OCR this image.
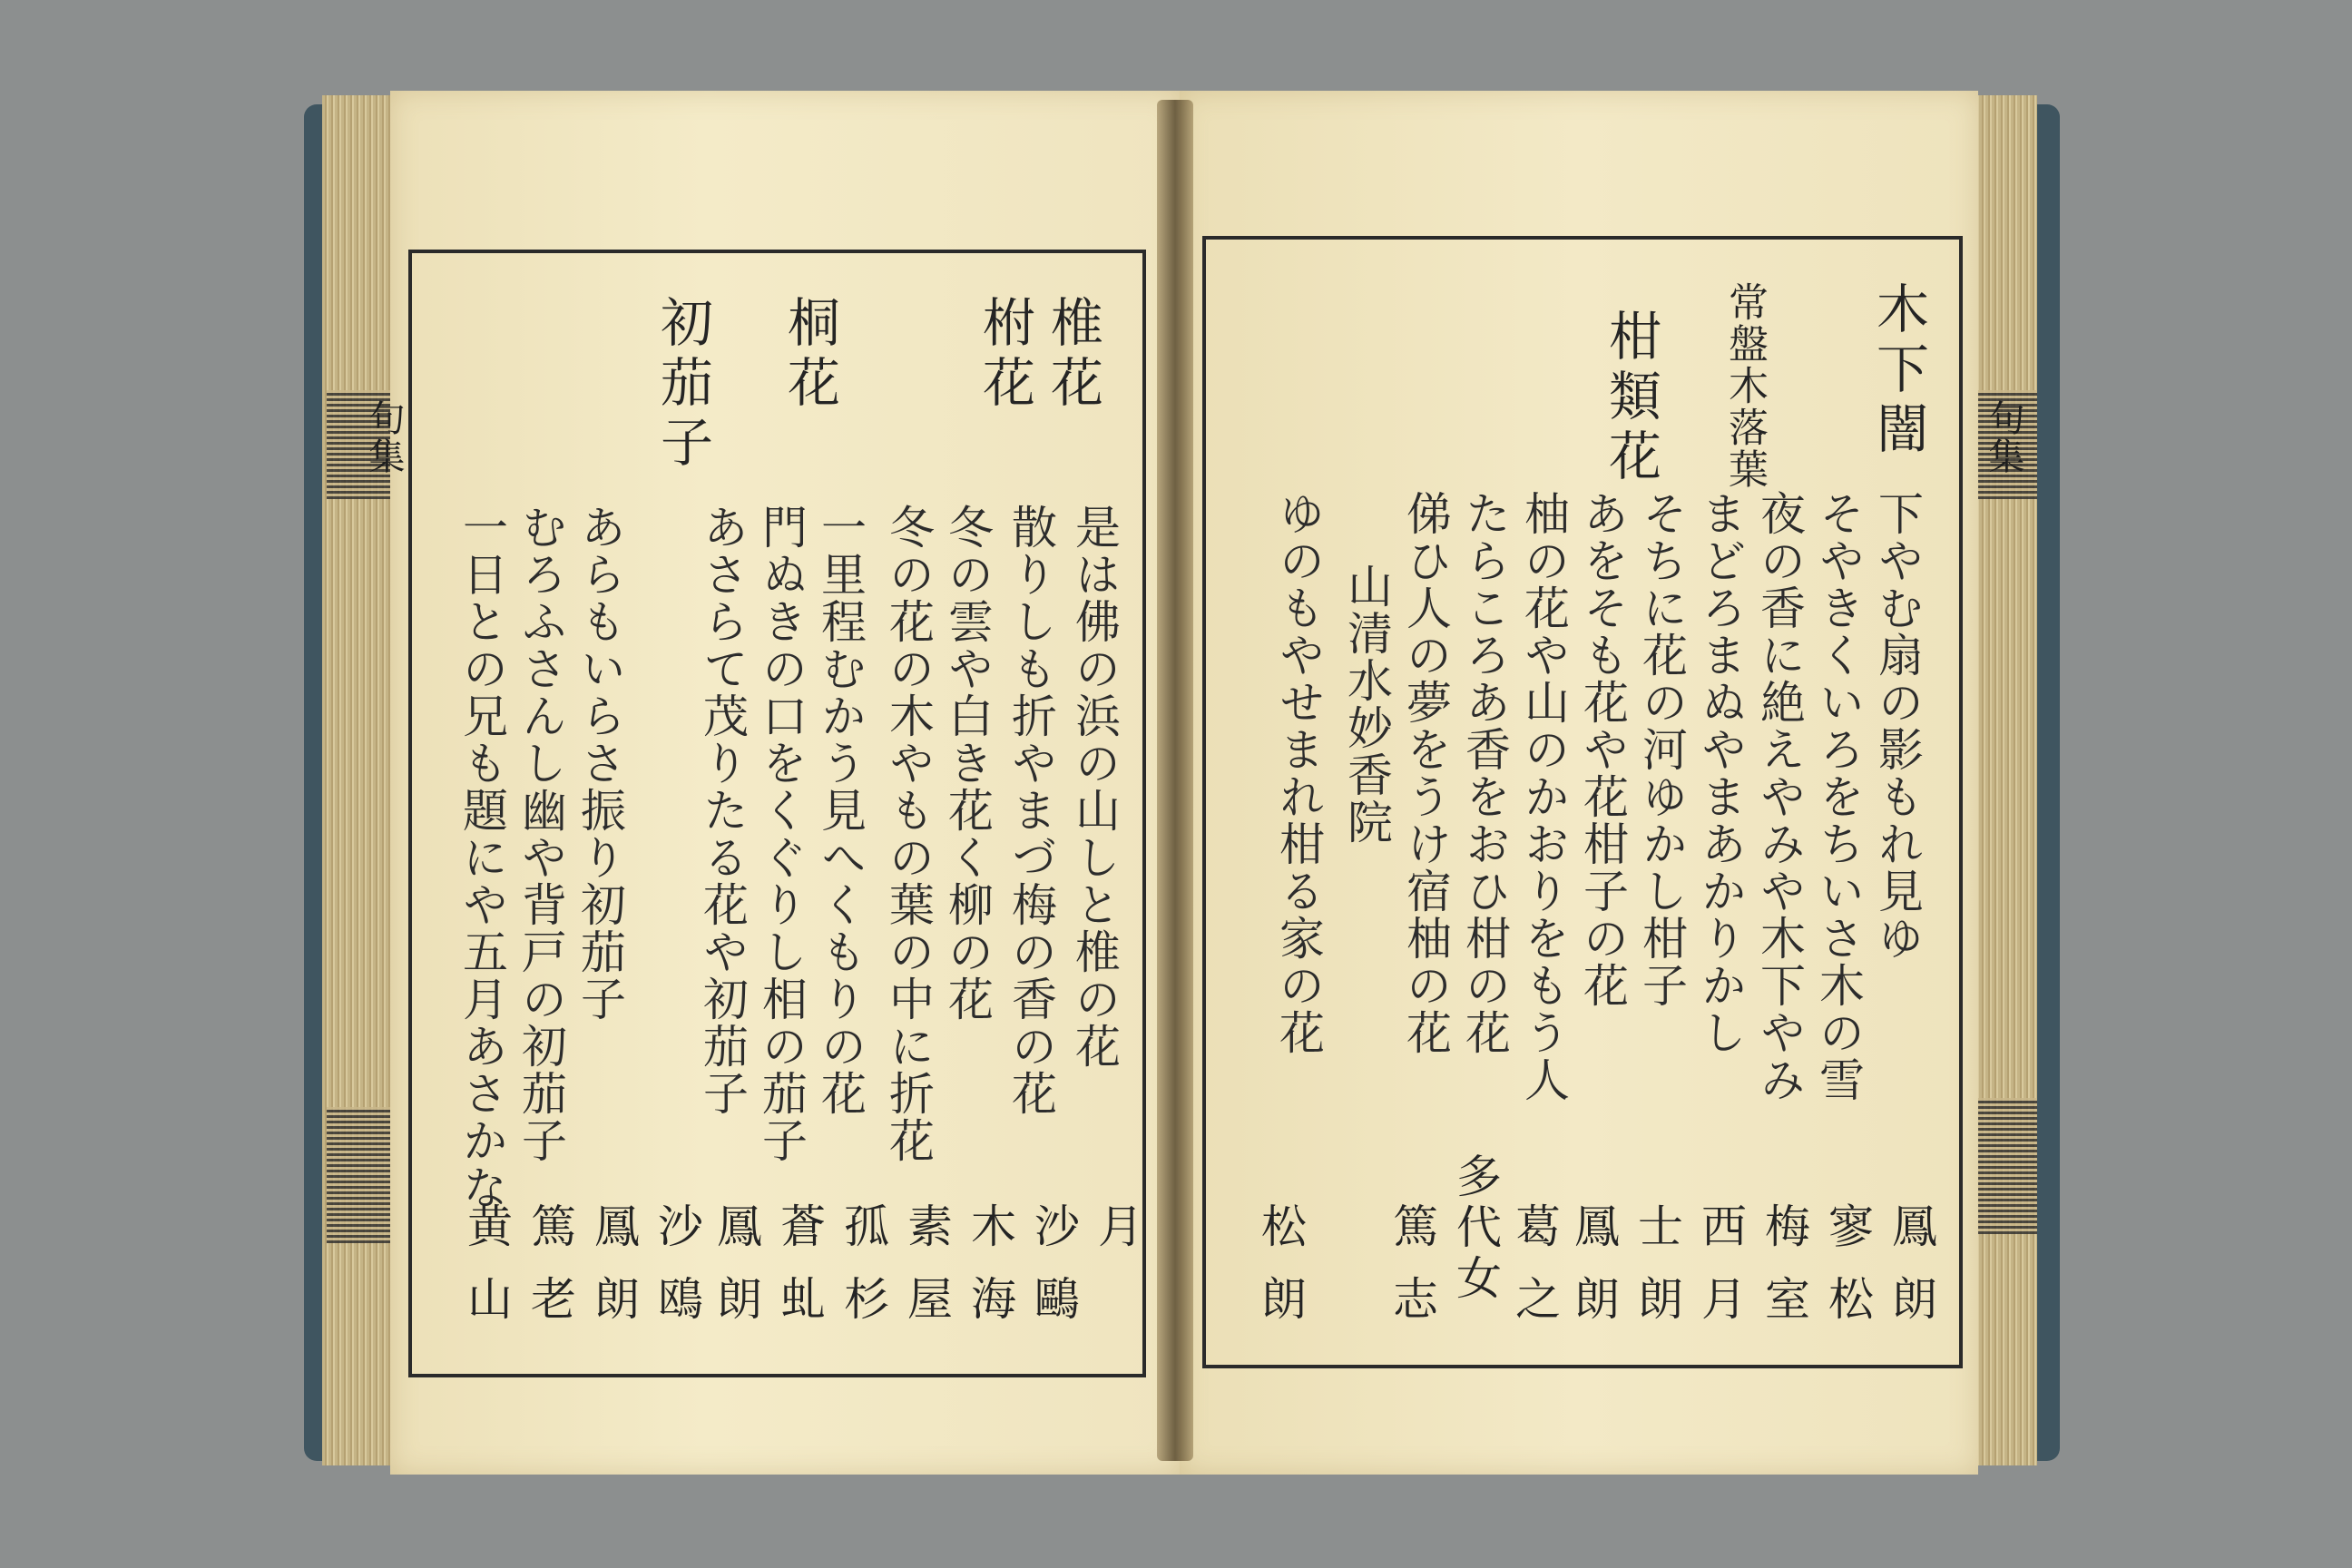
椎花
柎花
桐花
初茄子
是は佛の浜の山しと椎の花
散りしも折やまづ梅の香の花
冬の雲や白き花く柳の花
冬の花の木やもの葉の中に折花
一里程むかう見へくもりの花
門ぬきの口をくぐりし相の茄子
あさらて茂りたる花や初茄子
あらもいらさ振り初茄子
むろふさんし幽や背戸の初茄子
一日との兄も題にや五月あさかな
月
沙鷗
木海
素屋
孤杉
蒼虬
鳳朗
沙鴎
鳳朗
篤老
黄山
木下闇
常盤木落葉
柑類花
下やむ扇の影もれ見ゆ
そやきくいろをちいさ木の雪
夜の香に絶えやみや木下やみ
まどろまぬやまあかりかし
そちに花の河ゆかし柑子
あをそも花や花柑子の花
柚の花や山のかおりをもう人
たらころあ香をおひ柑の花
俤ひ人の夢をうけ宿柚の花
山清水妙香院
ゆのもやせまれ柑る家の花
鳳朗
寥松
梅室
西月
士朗
鳳朗
葛之
多代女
篤志
松朗
句集	句集
